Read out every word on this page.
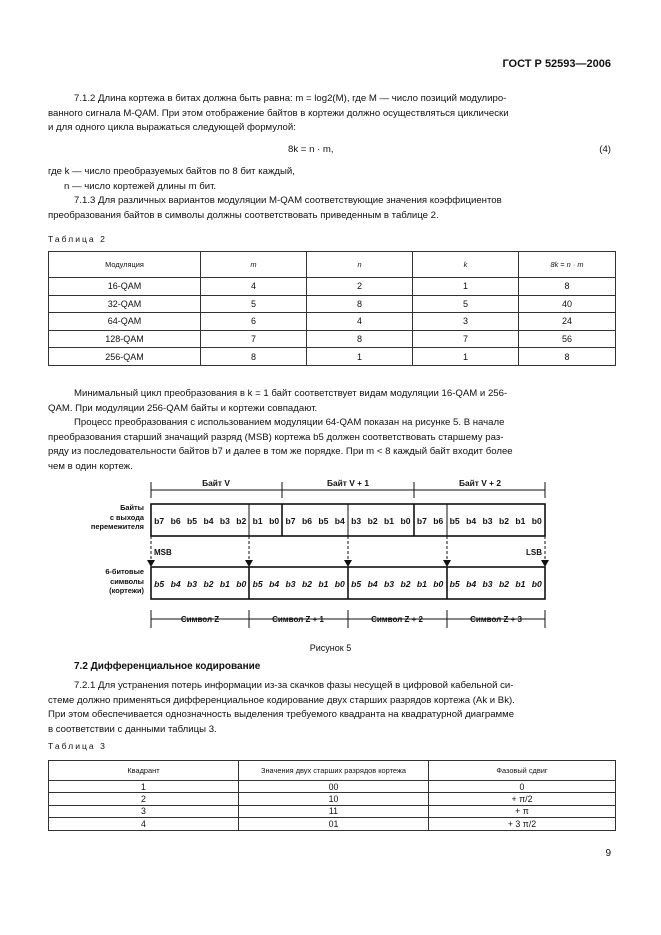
ГОСТ Р 52593—2006
7.1.2 Длина кортежа в битах должна быть равна: m = log2(M), где M — число позиций модулиро-
ванного сигнала M-QAM. При этом отображение байтов в кортежи должно осуществляться циклически
и для одного цикла выражаться следующей формулой:
8k = n · m,	(4)
где k — число преобразуемых байтов по 8 бит каждый,
n — число кортежей длины m бит.
7.1.3 Для различных вариантов модуляции M-QAM соответствующие значения коэффициентов
преобразования байтов в символы должны соответствовать приведенным в таблице 2.
Таблица 2
Модуляция	m	n	k	8k = n · m
16-QAM	4	2	1	8
32-QAM	5	8	5	40
64-QAM	6	4	3	24
128-QAM	7	8	7	56
256-QAM	8	1	1	8
Минимальный цикл преобразования в k = 1 байт соответствует видам модуляции 16-QAM и 256-
QAM. При модуляции 256-QAM байты и кортежи совпадают.
Процесс преобразования с использованием модуляции 64-QAM показан на рисунке 5. В начале
преобразования старший значащий разряд (MSB) кортежа b5 должен соответствовать старшему раз-
ряду из последовательности байтов b7 и далее в том же порядке. При m < 8 каждый байт входит более
чем в один кортеж.
Байт V	Байт V + 1	Байт V + 2
Байты
с выхода
перемежителя
6-битовые
символы
(кортежи)
b7 b6 b5 b4 b3 b2 b1 b0 b7 b6 b5 b4 b3 b2 b1 b0 b7 b6 b5 b4 b3 b2 b1 b0
MSB	LSB
b5 b4 b3 b2 b1 b0 b5 b4 b3 b2 b1 b0 b5 b4 b3 b2 b1 b0 b5 b4 b3 b2 b1 b0
Символ Z	Символ Z + 1	Символ Z + 2	Символ Z + 3
Рисунок 5
7.2 Дифференциальное кодирование
7.2.1 Для устранения потерь информации из-за скачков фазы несущей в цифровой кабельной си-
стеме должно применяться дифференциальное кодирование двух старших разрядов кортежа (Ak и Bk).
При этом обеспечивается однозначность выделения требуемого квадранта на квадратурной диаграмме
в соответствии с данными таблицы 3.
Таблица 3
Квадрант	Значения двух старших разрядов кортежа	Фазовый сдвиг
1	00	0
2	10	+ π/2
3	11	+ π
4	01	+ 3 π/2
9
